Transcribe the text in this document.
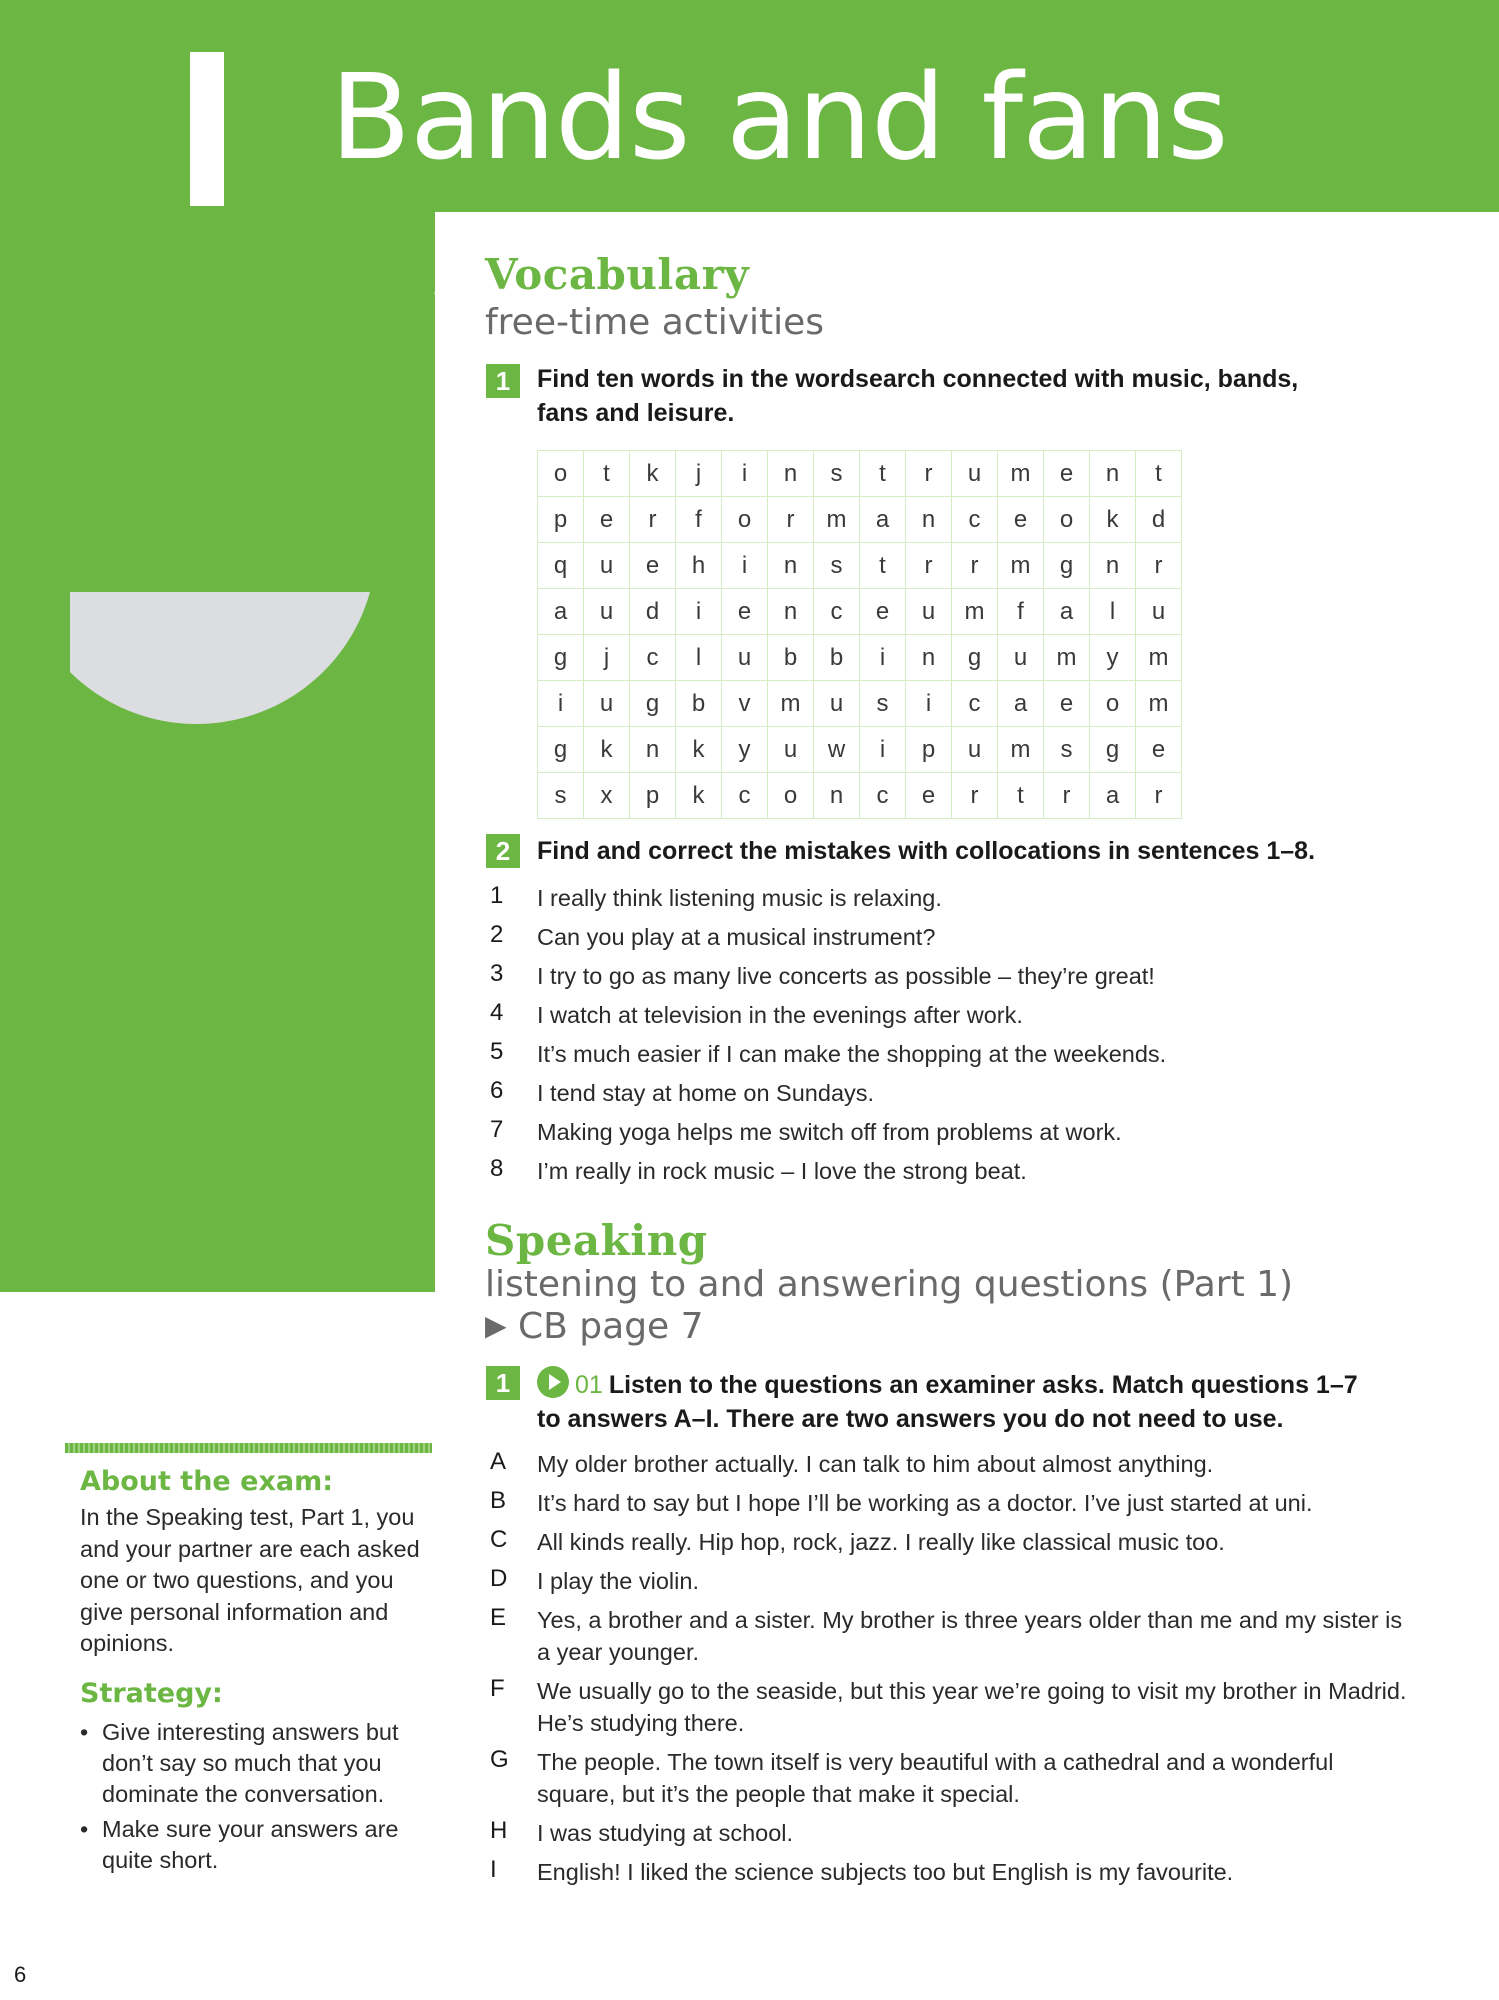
Bands and fans
Vocabulary
free-time activities
1	Find ten words in the wordsearch connected with music, bands,
fans and leisure.
o	t	k	j	i	n	s	t	r	u	m	e	n	t
p	e	r	f	o	r	m	a	n	c	e	o	k	d
q	u	e	h	i	n	s	t	r	r	m	g	n	r
a	u	d	i	e	n	c	e	u	m	f	a	l	u
g	j	c	l	u	b	b	i	n	g	u	m	y	m
i	u	g	b	v	m	u	s	i	c	a	e	o	m
g	k	n	k	y	u	w	i	p	u	m	s	g	e
s	x	p	k	c	o	n	c	e	r	t	r	a	r
2	Find and correct the mistakes with collocations in sentences 1–8.
1	I really think listening music is relaxing.
2	Can you play at a musical instrument?
3	I try to go as many live concerts as possible – they’re great!
4	I watch at television in the evenings after work.
5	It’s much easier if I can make the shopping at the weekends.
6	I tend stay at home on Sundays.
7	Making yoga helps me switch off from problems at work.
8	I’m really in rock music – I love the strong beat.
Speaking
listening to and answering questions (Part 1)
▶ CB page 7
1	01 Listen to the questions an examiner asks. Match questions 1–7
to answers A–I. There are two answers you do not need to use.
A	My older brother actually. I can talk to him about almost anything.
B	It’s hard to say but I hope I’ll be working as a doctor. I’ve just started at uni.
C	All kinds really. Hip hop, rock, jazz. I really like classical music too.
D	I play the violin.
E	Yes, a brother and a sister. My brother is three years older than me and my sister is a year younger.
F	We usually go to the seaside, but this year we’re going to visit my brother in Madrid. He’s studying there.
G	The people. The town itself is very beautiful with a cathedral and a wonderful square, but it’s the people that make it special.
H	I was studying at school.
I	English! I liked the science subjects too but English is my favourite.
About the exam:

In the Speaking test, Part 1, you and your partner are each asked one or two questions, and you give personal information and opinions.

Strategy:
• Give interesting answers but don’t say so much that you dominate the conversation.
• Make sure your answers are quite short.
6
